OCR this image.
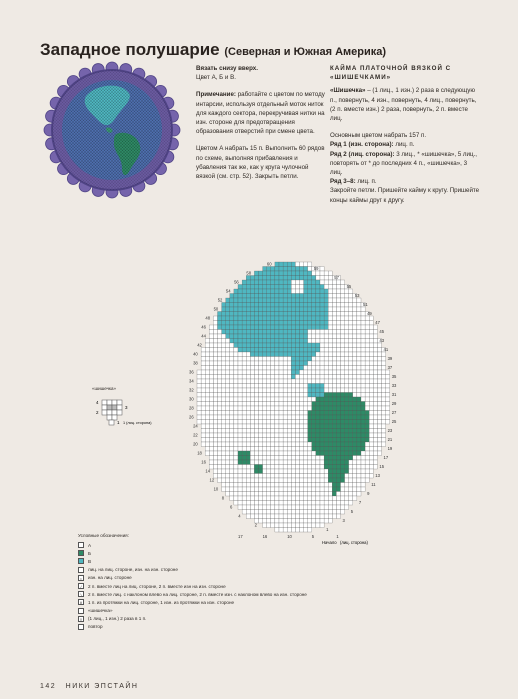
Западное полушарие (Северная и Южная Америка)

Вязать снизу вверх.
Цвет А, Б и В.

Примечание: работайте с цветом по методу интарсии, используя отдельный моток ниток для каждого сектора, перекручивая нитки на изн. стороне для предотвращения образования отверстий при смене цвета.

Цветом А набрать 15 п. Выполнить 60 рядов по схеме, выполняя прибавления и убавления так же, как у круга чулочной вязкой (см. стр. 52). Закрыть петли.

КАЙМА ПЛАТОЧНОЙ ВЯЗКОЙ С «ШИШЕЧКАМИ»

«Шишечка» – (1 лиц., 1 изн.) 2 раза в следующую п., повернуть, 4 изн., повернуть, 4 лиц., повернуть, (2 п. вместе изн.) 2 раза, повернуть, 2 п. вместе лиц.

Основным цветом набрать 157 п.

Ряд 1 (изн. сторона): лиц. п.

Ряд 2 (лиц. сторона): 3 лиц., * «шишечка», 5 лиц., повторять от * до последних 4 п., «шишечка», 3 лиц.

Ряд 3–8: лиц. п.

Закройте петли. Пришейте кайму к кругу. Пришейте концы каймы друг к другу.

«шишечка»
4
2
3
1 1 (лиц. сторона)
60
59
58
57
56
55
54
53
52
51
50
49
48
47
46
45
44
43
42
41
40
39
38
37
36
35
34
33
32
31
30
29
28
27
26
25
24
23
22
21
20
19
18
17
16
15
14
13
12
11
10
9
8
7
6
5
4
3
2
1
17	16	10	5	1
Начало (лиц. сторона)
Условные обозначения:
А
Б
В
лиц. на лиц. стороне, изн. на изн. стороне
•	изн. на лиц. стороне
/	2 п. вместе лиц на лиц. стороне, 2 п. вместе изн на изн. стороне
\	2 п. вместе лиц. с наклоном влево на лиц. стороне, 2 п. вместе изн. с наклоном влево на изн. стороне
∨	1 п. из протяжки на лиц. стороне, 1 изн. из протяжки на изн. стороне
«шишечка»
◊	(1 лиц., 1 изн.) 2 раза в 1 п.
повтор
142 НИКИ ЭПСТАЙН
